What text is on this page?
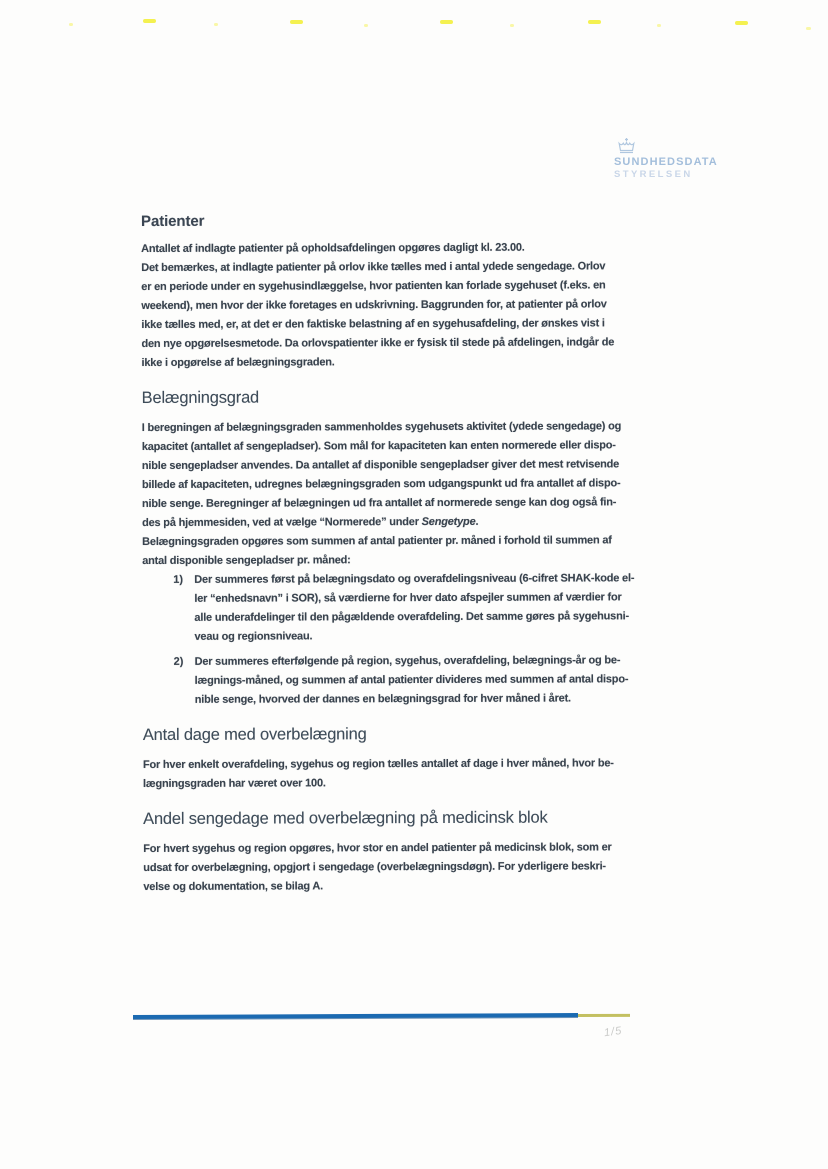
SUNDHEDSDATA
STYRELSEN
Patienter
Antallet af indlagte patienter på opholdsafdelingen opgøres dagligt kl. 23.00.
Det bemærkes, at indlagte patienter på orlov ikke tælles med i antal ydede sengedage. Orlov
er en periode under en sygehusindlæggelse, hvor patienten kan forlade sygehuset (f.eks. en
weekend), men hvor der ikke foretages en udskrivning. Baggrunden for, at patienter på orlov
ikke tælles med, er, at det er den faktiske belastning af en sygehusafdeling, der ønskes vist i
den nye opgørelsesmetode. Da orlovspatienter ikke er fysisk til stede på afdelingen, indgår de
ikke i opgørelse af belægningsgraden.
Belægningsgrad
I beregningen af belægningsgraden sammenholdes sygehusets aktivitet (ydede sengedage) og
kapacitet (antallet af sengepladser). Som mål for kapaciteten kan enten normerede eller dispo-
nible sengepladser anvendes. Da antallet af disponible sengepladser giver det mest retvisende
billede af kapaciteten, udregnes belægningsgraden som udgangspunkt ud fra antallet af dispo-
nible senge. Beregninger af belægningen ud fra antallet af normerede senge kan dog også fin-
des på hjemmesiden, ved at vælge “Normerede” under Sengetype.
Belægningsgraden opgøres som summen af antal patienter pr. måned i forhold til summen af
antal disponible sengepladser pr. måned:
1)	Der summeres først på belægningsdato og overafdelingsniveau (6-cifret SHAK-kode el-
ler “enhedsnavn” i SOR), så værdierne for hver dato afspejler summen af værdier for
alle underafdelinger til den pågældende overafdeling. Det samme gøres på sygehusni-
veau og regionsniveau.
2)	Der summeres efterfølgende på region, sygehus, overafdeling, belægnings-år og be-
lægnings-måned, og summen af antal patienter divideres med summen af antal dispo-
nible senge, hvorved der dannes en belægningsgrad for hver måned i året.
Antal dage med overbelægning
For hver enkelt overafdeling, sygehus og region tælles antallet af dage i hver måned, hvor be-
lægningsgraden har været over 100.
Andel sengedage med overbelægning på medicinsk blok
For hvert sygehus og region opgøres, hvor stor en andel patienter på medicinsk blok, som er
udsat for overbelægning, opgjort i sengedage (overbelægningsdøgn). For yderligere beskri-
velse og dokumentation, se bilag A.
1/5
